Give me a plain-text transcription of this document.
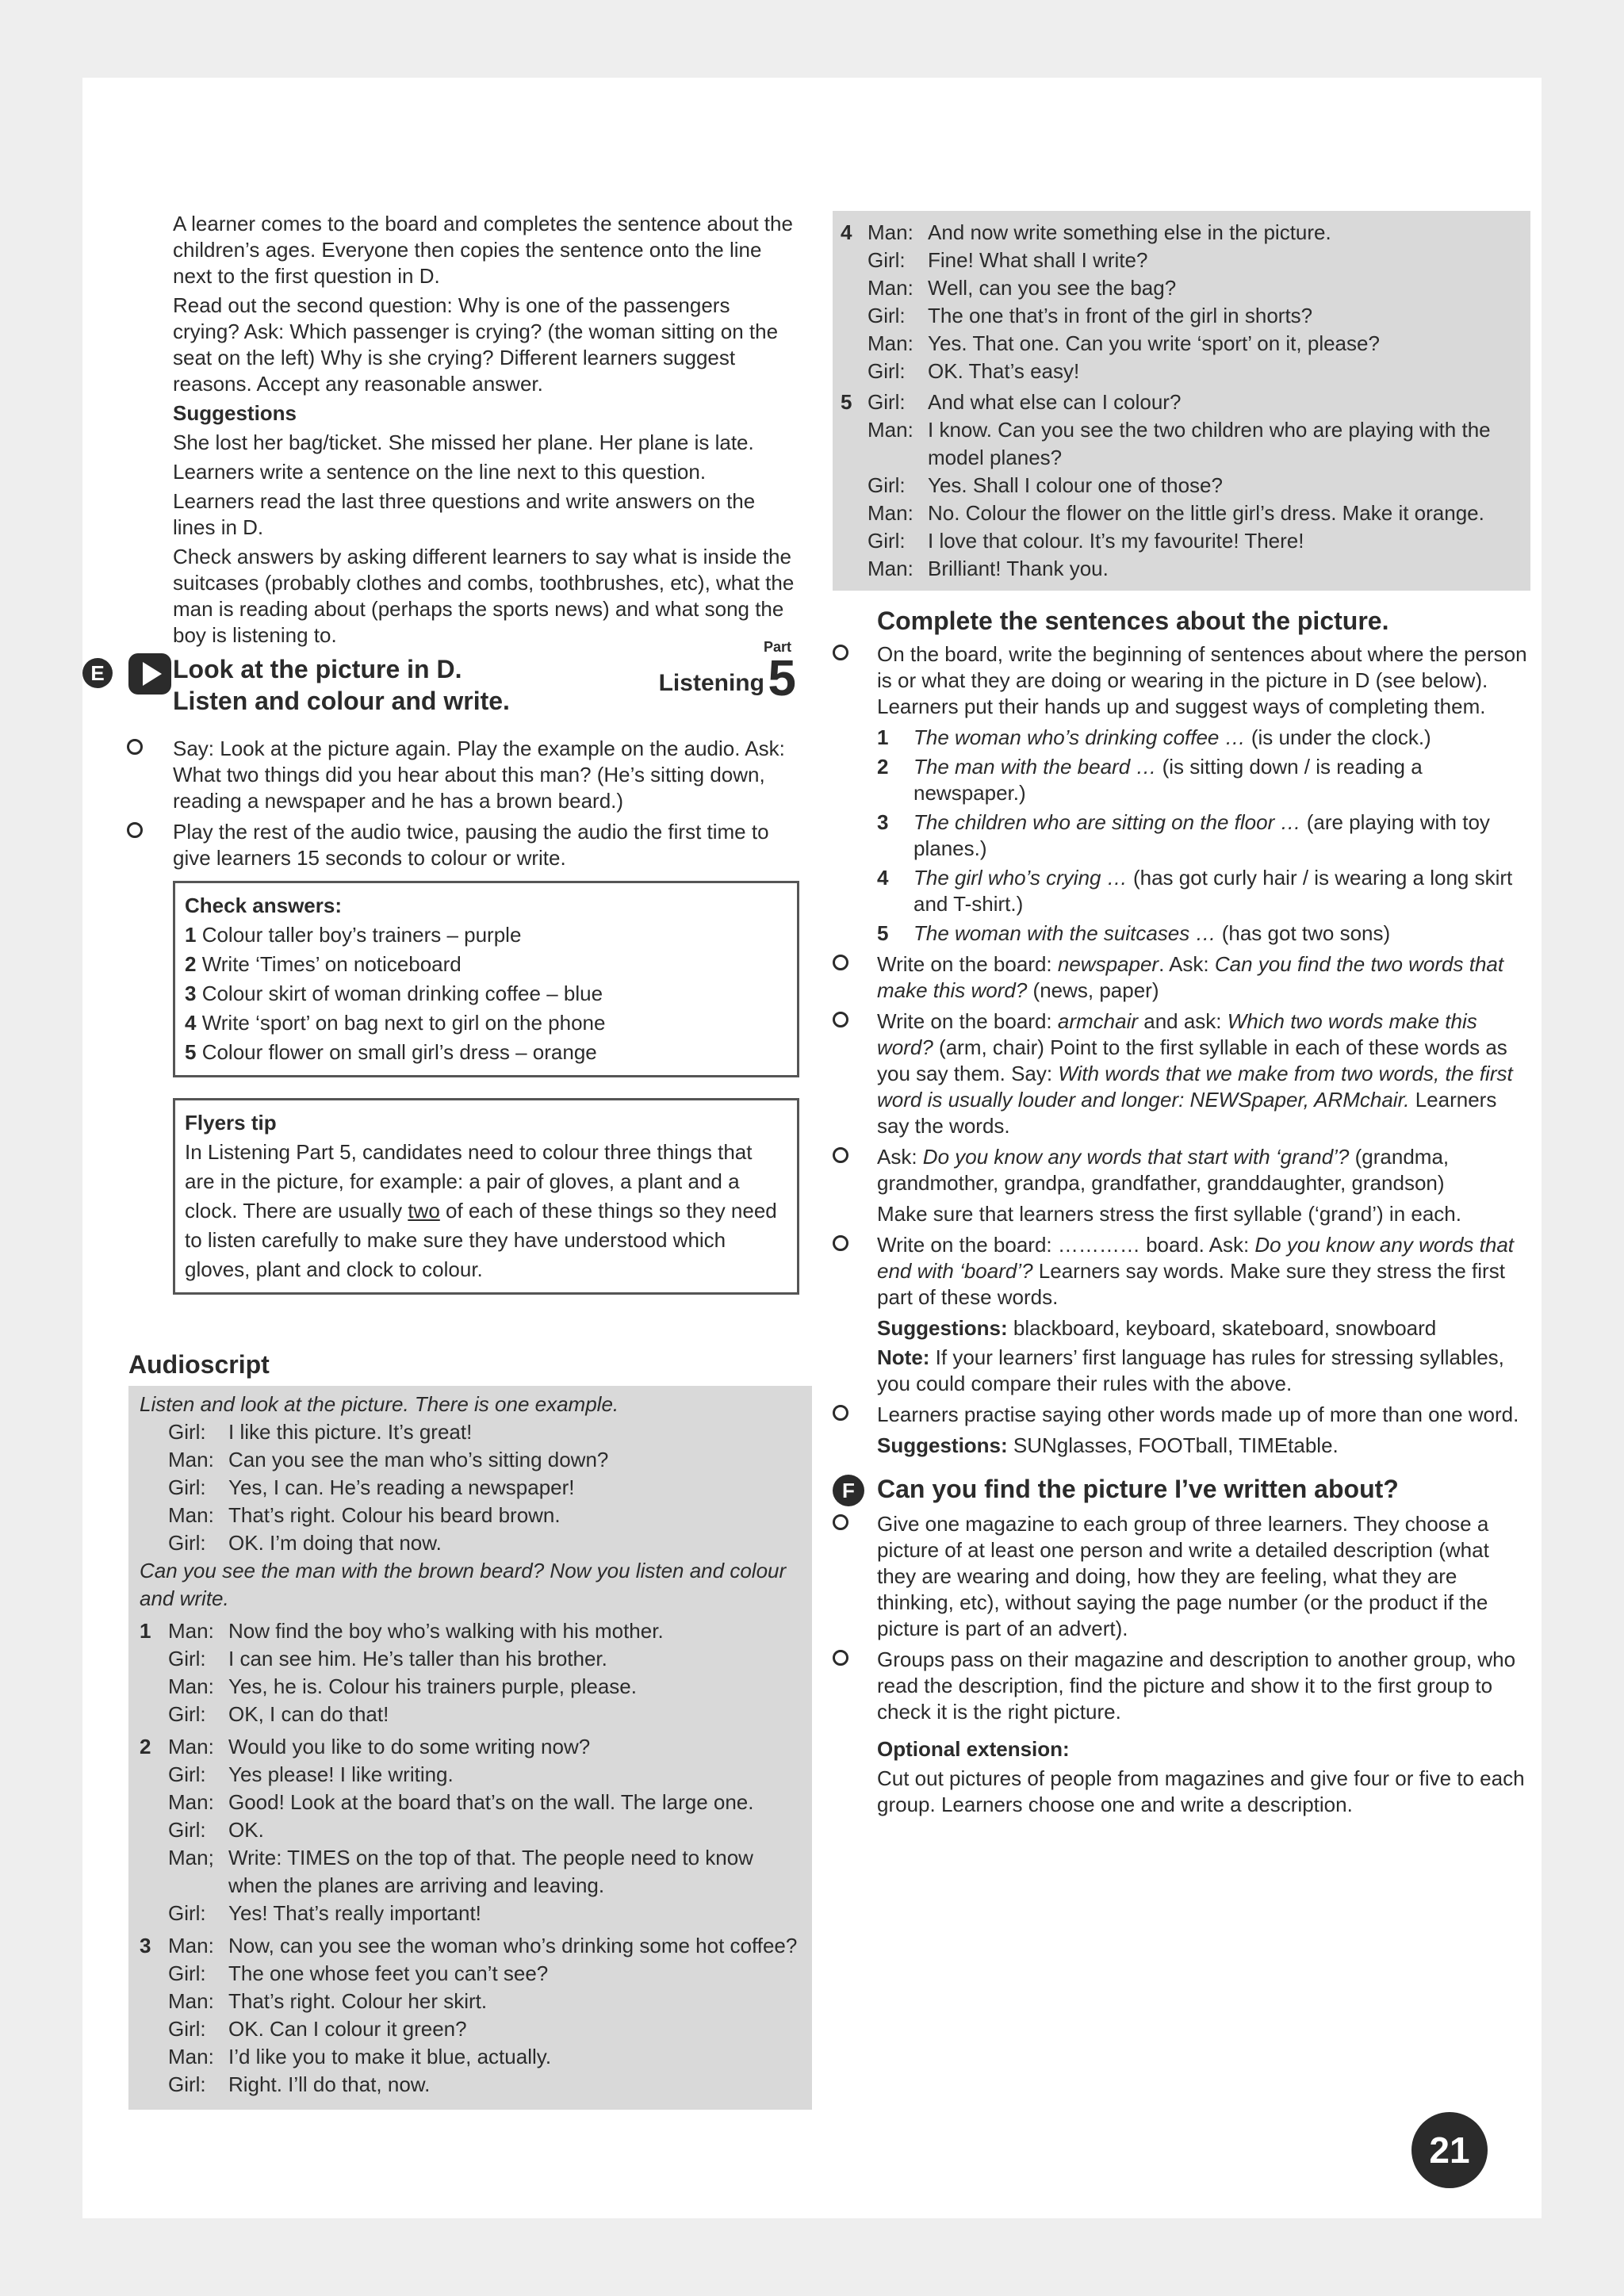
A learner comes to the board and completes the sentence about the children’s ages. Everyone then copies the sentence onto the line next to the first question in D.

Read out the second question: Why is one of the passengers crying? Ask: Which passenger is crying? (the woman sitting on the seat on the left) Why is she crying? Different learners suggest reasons. Accept any reasonable answer.

Suggestions

She lost her bag/ticket. She missed her plane. Her plane is late.

Learners write a sentence on the line next to this question.

Learners read the last three questions and write answers on the lines in D.

Check answers by asking different learners to say what is inside the suitcases (probably clothes and combs, toothbrushes, etc), what the man is reading about (perhaps the sports news) and what song the boy is listening to.

E	Look at the picture in D.
Listen and colour and write.
Part
Listening 5
Say: Look at the picture again. Play the example on the audio. Ask: What two things did you hear about this man? (He’s sitting down, reading a newspaper and he has a brown beard.)
Play the rest of the audio twice, pausing the audio the first time to give learners 15 seconds to colour or write.
Check answers:
1 Colour taller boy’s trainers – purple
2 Write ‘Times’ on noticeboard
3 Colour skirt of woman drinking coffee – blue
4 Write ‘sport’ on bag next to girl on the phone
5 Colour flower on small girl’s dress – orange
Flyers tip
In Listening Part 5, candidates need to colour three things that are in the picture, for example: a pair of gloves, a plant and a clock. There are usually two of each of these things so they need to listen carefully to make sure they have understood which gloves, plant and clock to colour.
Audioscript
Listen and look at the picture. There is one example.
Girl:	I like this picture. It’s great!
Man: Can you see the man who’s sitting down?
Girl:	Yes, I can. He’s reading a newspaper!
Man: That’s right. Colour his beard brown.
Girl:	OK. I’m doing that now.
Can you see the man with the brown beard? Now you listen and colour and write.
1 Man: Now find the boy who’s walking with his mother.
Girl:	I can see him. He’s taller than his brother.
Man: Yes, he is. Colour his trainers purple, please.
Girl:	OK, I can do that!
2 Man: Would you like to do some writing now?
Girl:	Yes please! I like writing.
Man: Good! Look at the board that’s on the wall. The large one.
Girl:	OK.
Man; Write: TIMES on the top of that. The people need to know when the planes are arriving and leaving.
Girl:	Yes! That’s really important!
3 Man: Now, can you see the woman who’s drinking some hot coffee?
Girl:	The one whose feet you can’t see?
Man: That’s right. Colour her skirt.
Girl:	OK. Can I colour it green?
Man: I’d like you to make it blue, actually.
Girl:	Right. I’ll do that, now.
4 Man: And now write something else in the picture.
Girl:	Fine! What shall I write?
Man: Well, can you see the bag?
Girl:	The one that’s in front of the girl in shorts?
Man: Yes. That one. Can you write ‘sport’ on it, please?
Girl:	OK. That’s easy!
5 Girl:	And what else can I colour?
Man: I know. Can you see the two children who are playing with the model planes?
Girl:	Yes. Shall I colour one of those?
Man: No. Colour the flower on the little girl’s dress. Make it orange.
Girl:	I love that colour. It’s my favourite! There!
Man: Brilliant! Thank you.
Complete the sentences about the picture.
On the board, write the beginning of sentences about where the person is or what they are doing or wearing in the picture in D (see below). Learners put their hands up and suggest ways of completing them.
1	The woman who’s drinking coffee … (is under the clock.)
2	The man with the beard … (is sitting down / is reading a newspaper.)
3	The children who are sitting on the floor … (are playing with toy planes.)
4	The girl who’s crying … (has got curly hair / is wearing a long skirt and T-shirt.)
5	The woman with the suitcases … (has got two sons)
Write on the board: newspaper. Ask: Can you find the two words that make this word? (news, paper)
Write on the board: armchair and ask: Which two words make this word? (arm, chair) Point to the first syllable in each of these words as you say them. Say: With words that we make from two words, the first word is usually louder and longer: NEWSpaper, ARMchair. Learners say the words.
Ask: Do you know any words that start with ‘grand’? (grandma, grandmother, grandpa, grandfather, granddaughter, grandson)

Make sure that learners stress the first syllable (‘grand’) in each.

Write on the board: ………… board. Ask: Do you know any words that end with ‘board’? Learners say words. Make sure they stress the first part of these words.

Suggestions: blackboard, keyboard, skateboard, snowboard

Note: If your learners’ first language has rules for stressing syllables, you could compare their rules with the above.

Learners practise saying other words made up of more than one word.

Suggestions: SUNglasses, FOOTball, TIMEtable.

F Can you find the picture I’ve written about?
Give one magazine to each group of three learners. They choose a picture of at least one person and write a detailed description (what they are wearing and doing, how they are feeling, what they are thinking, etc), without saying the page number (or the product if the picture is part of an advert).
Groups pass on their magazine and description to another group, who read the description, find the picture and show it to the first group to check it is the right picture.

Optional extension:

Cut out pictures of people from magazines and give four or five to each group. Learners choose one and write a description.

21
